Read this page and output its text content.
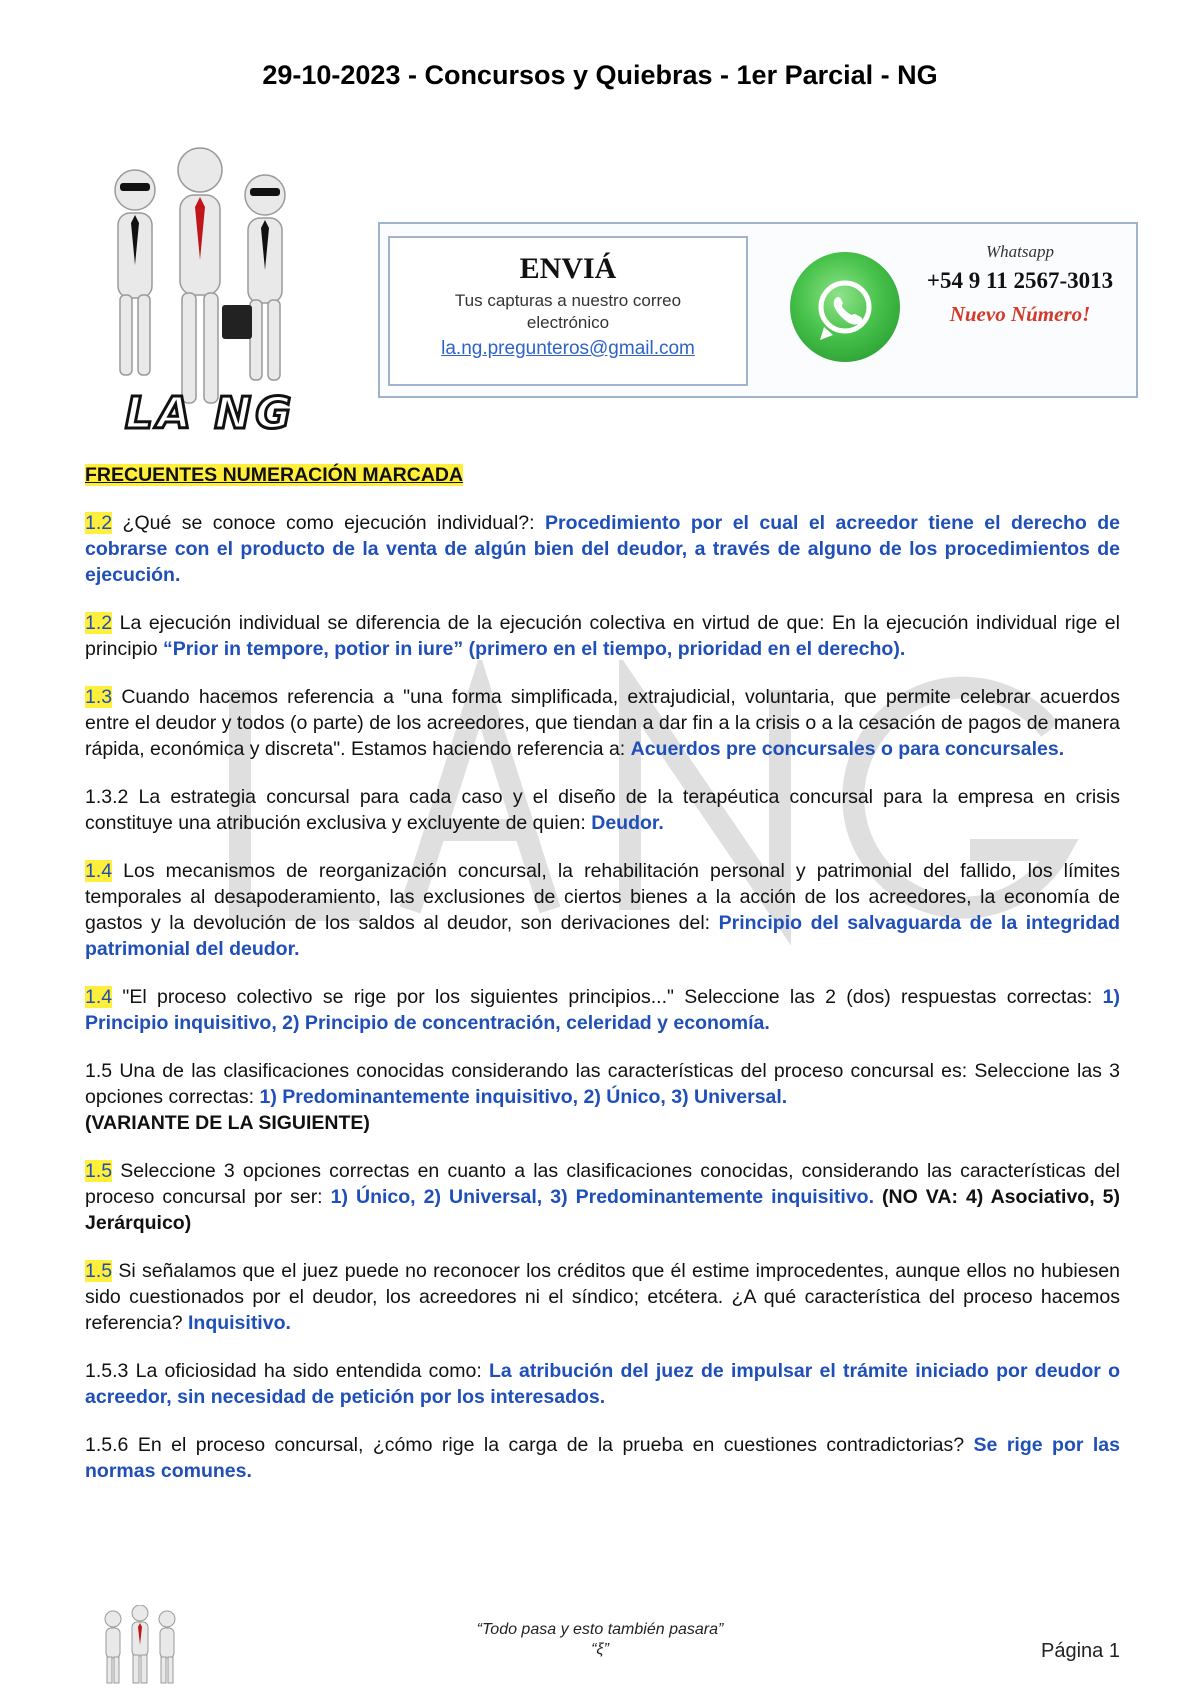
29-10-2023 - Concursos y Quiebras - 1er Parcial - NG
LA NG
ENVIÁ
Tus capturas a nuestro correo electrónico
la.ng.pregunteros@gmail.com
Whatsapp
+54 9 11 2567-3013
Nuevo Número!

FRECUENTES NUMERACIÓN MARCADA

1.2 ¿Qué se conoce como ejecución individual?: Procedimiento por el cual el acreedor tiene el derecho de cobrarse con el producto de la venta de algún bien del deudor, a través de alguno de los procedimientos de ejecución.

1.2 La ejecución individual se diferencia de la ejecución colectiva en virtud de que: En la ejecución individual rige el principio “Prior in tempore, potior in iure” (primero en el tiempo, prioridad en el derecho).

1.3 Cuando hacemos referencia a "una forma simplificada, extrajudicial, voluntaria, que permite celebrar acuerdos entre el deudor y todos (o parte) de los acreedores, que tiendan a dar fin a la crisis o a la cesación de pagos de manera rápida, económica y discreta". Estamos haciendo referencia a: Acuerdos pre concursales o para concursales.

1.3.2 La estrategia concursal para cada caso y el diseño de la terapéutica concursal para la empresa en crisis constituye una atribución exclusiva y excluyente de quien: Deudor.

1.4 Los mecanismos de reorganización concursal, la rehabilitación personal y patrimonial del fallido, los límites temporales al desapoderamiento, las exclusiones de ciertos bienes a la acción de los acreedores, la economía de gastos y la devolución de los saldos al deudor, son derivaciones del: Principio del salvaguarda de la integridad patrimonial del deudor.

1.4 "El proceso colectivo se rige por los siguientes principios..." Seleccione las 2 (dos) respuestas correctas: 1) Principio inquisitivo, 2) Principio de concentración, celeridad y economía.

1.5 Una de las clasificaciones conocidas considerando las características del proceso concursal es: Seleccione las 3 opciones correctas: 1) Predominantemente inquisitivo, 2) Único, 3) Universal.
(VARIANTE DE LA SIGUIENTE)

1.5 Seleccione 3 opciones correctas en cuanto a las clasificaciones conocidas, considerando las características del proceso concursal por ser: 1) Único, 2) Universal, 3) Predominantemente inquisitivo. (NO VA: 4) Asociativo, 5) Jerárquico)

1.5 Si señalamos que el juez puede no reconocer los créditos que él estime improcedentes, aunque ellos no hubiesen sido cuestionados por el deudor, los acreedores ni el síndico; etcétera. ¿A qué característica del proceso hacemos referencia? Inquisitivo.

1.5.3 La oficiosidad ha sido entendida como: La atribución del juez de impulsar el trámite iniciado por deudor o acreedor, sin necesidad de petición por los interesados.

1.5.6 En el proceso concursal, ¿cómo rige la carga de la prueba en cuestiones contradictorias? Se rige por las normas comunes.

“Todo pasa y esto también pasara”
“ξ”	Página 1
